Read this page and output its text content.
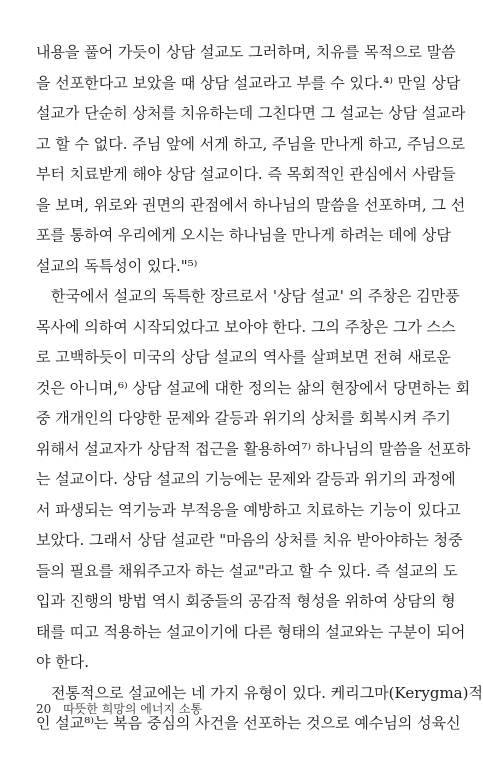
내용을 풀어 가듯이 상담 설교도 그러하며, 치유를 목적으로 말씀
을 선포한다고 보았을 때 상담 설교라고 부를 수 있다.⁴⁾ 만일 상담
설교가 단순히 상처를 치유하는데 그친다면 그 설교는 상담 설교라
고 할 수 없다. 주님 앞에 서게 하고, 주님을 만나게 하고, 주님으로
부터 치료받게 해야 상담 설교이다. 즉 목회적인 관심에서 사람들
을 보며, 위로와 권면의 관점에서 하나님의 말씀을 선포하며, 그 선
포를 통하여 우리에게 오시는 하나님을 만나게 하려는 데에 상담
설교의 독특성이 있다."⁵⁾
한국에서 설교의 독특한 장르로서 '상담 설교' 의 주창은 김만풍
목사에 의하여 시작되었다고 보아야 한다. 그의 주창은 그가 스스
로 고백하듯이 미국의 상담 설교의 역사를 살펴보면 전혀 새로운
것은 아니며,⁶⁾ 상담 설교에 대한 정의는 삶의 현장에서 당면하는 회
중 개개인의 다양한 문제와 갈등과 위기의 상처를 회복시켜 주기
위해서 설교자가 상담적 접근을 활용하여⁷⁾ 하나님의 말씀을 선포하
는 설교이다. 상담 설교의 기능에는 문제와 갈등과 위기의 과정에
서 파생되는 역기능과 부적응을 예방하고 치료하는 기능이 있다고
보았다. 그래서 상담 설교란 "마음의 상처를 치유 받아야하는 청중
들의 필요를 채워주고자 하는 설교"라고 할 수 있다. 즉 설교의 도
입과 진행의 방법 역시 회중들의 공감적 형성을 위하여 상담의 형
태를 띠고 적용하는 설교이기에 다른 형태의 설교와는 구분이 되어
야 한다.
전통적으로 설교에는 네 가지 유형이 있다. 케리그마(Kerygma)적
인 설교⁸⁾는 복음 중심의 사건을 선포하는 것으로 예수님의 성육신
20 따뜻한 희망의 에너지 소통
